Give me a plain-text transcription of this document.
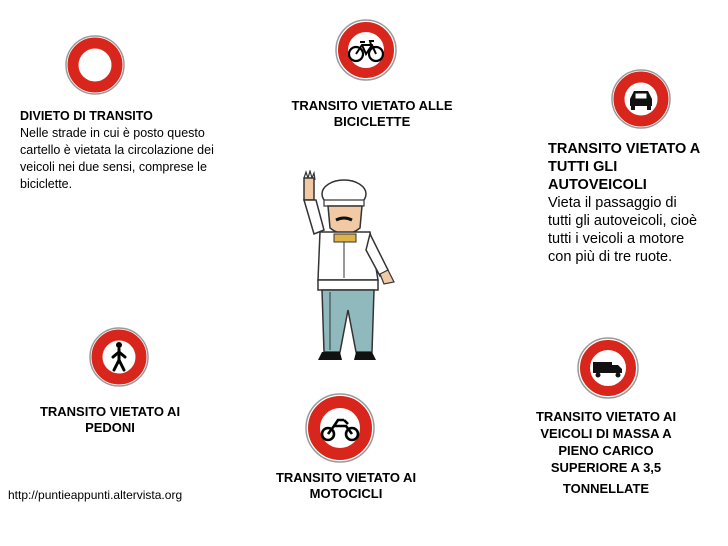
DIVIETO DI TRANSITO
Nelle strade in cui è posto questo cartello è vietata la circolazione dei veicoli nei due sensi, comprese le biciclette.
TRANSITO VIETATO ALLE
BICICLETTE
TRANSITO VIETATO A
TUTTI GLI
AUTOVEICOLI
Vieta il passaggio di
tutti gli autoveicoli, cioè
tutti i veicoli a motore
con più di tre ruote.
TRANSITO VIETATO AI
PEDONI
TRANSITO VIETATO AI
MOTOCICLI
TRANSITO VIETATO AI
VEICOLI DI MASSA A
PIENO CARICO
SUPERIORE A 3,5
TONNELLATE
http://puntieappunti.altervista.org
